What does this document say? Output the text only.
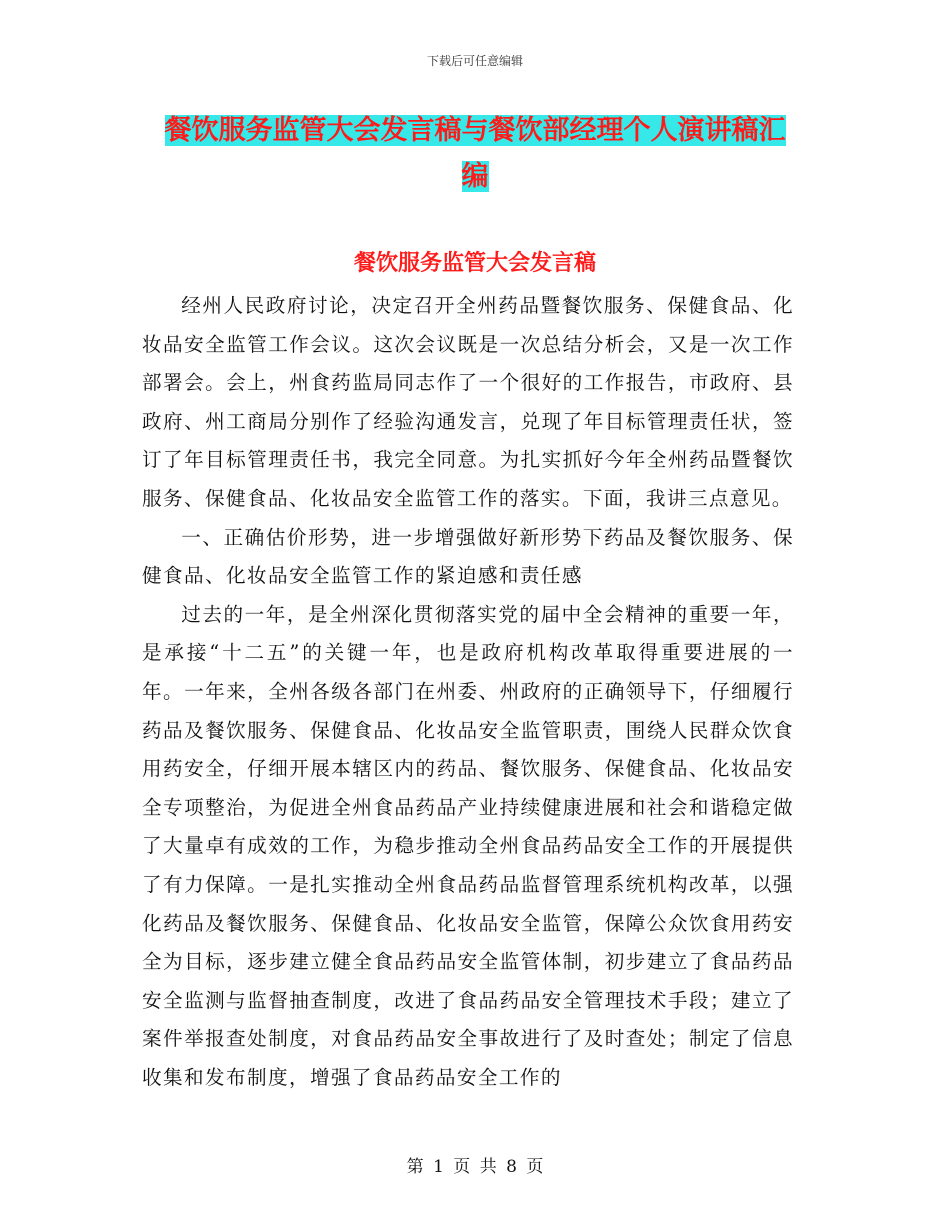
下载后可任意编辑
餐饮服务监管大会发言稿与餐饮部经理个人演讲稿汇
编
餐饮服务监管大会发言稿

经州人民政府讨论，决定召开全州药品暨餐饮服务、保健食品、化妆品安全监管工作会议。这次会议既是一次总结分析会，又是一次工作部署会。会上，州食药监局同志作了一个很好的工作报告，市政府、县政府、州工商局分别作了经验沟通发言，兑现了年目标管理责任状，签订了年目标管理责任书，我完全同意。为扎实抓好今年全州药品暨餐饮服务、保健食品、化妆品安全监管工作的落实。下面，我讲三点意见。

一、正确估价形势，进一步增强做好新形势下药品及餐饮服务、保健食品、化妆品安全监管工作的紧迫感和责任感

过去的一年，是全州深化贯彻落实党的届中全会精神的重要一年，是承接“十二五”的关键一年，也是政府机构改革取得重要进展的一年。一年来，全州各级各部门在州委、州政府的正确领导下，仔细履行药品及餐饮服务、保健食品、化妆品安全监管职责，围绕人民群众饮食用药安全，仔细开展本辖区内的药品、餐饮服务、保健食品、化妆品安全专项整治，为促进全州食品药品产业持续健康进展和社会和谐稳定做了大量卓有成效的工作，为稳步推动全州食品药品安全工作的开展提供了有力保障。一是扎实推动全州食品药品监督管理系统机构改革，以强化药品及餐饮服务、保健食品、化妆品安全监管，保障公众饮食用药安全为目标，逐步建立健全食品药品安全监管体制，初步建立了食品药品安全监测与监督抽查制度，改进了食品药品安全管理技术手段；建立了案件举报查处制度，对食品药品安全事故进行了及时查处；制定了信息收集和发布制度，增强了食品药品安全工作的

第 1 页 共 8 页
